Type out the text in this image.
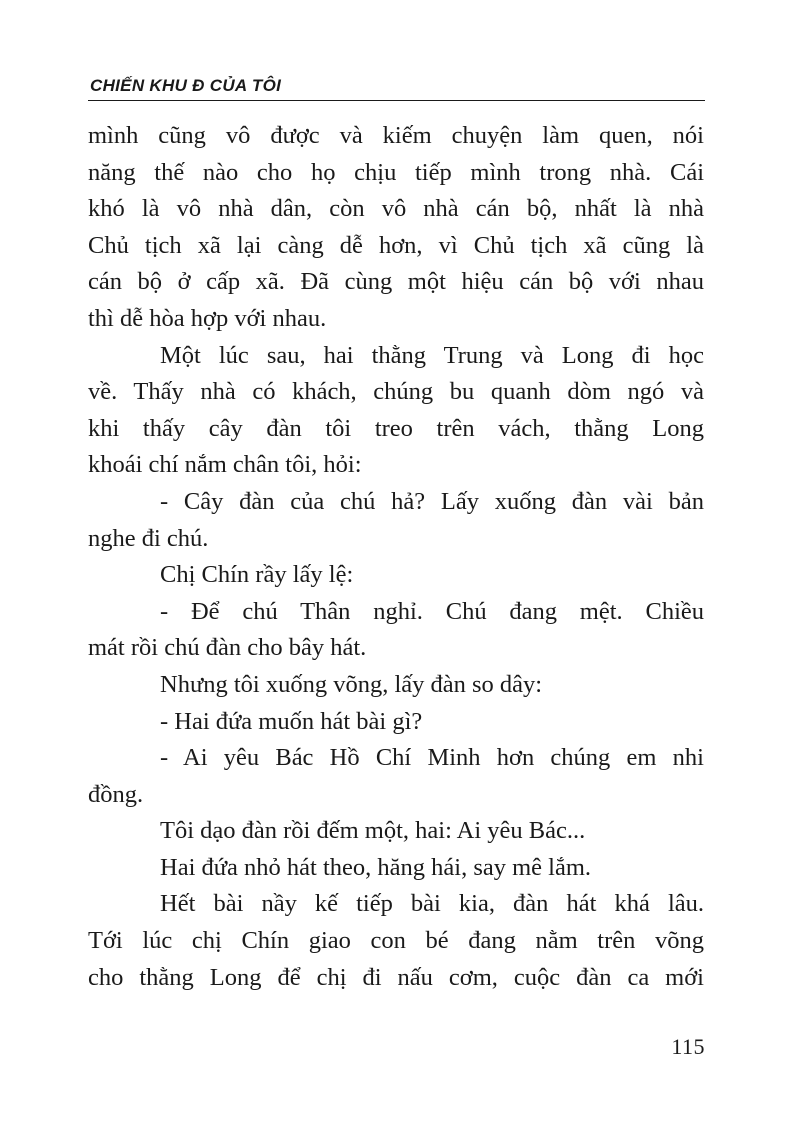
CHIẾN KHU Đ CỦA TÔI
mình cũng vô được và kiếm chuyện làm quen, nói
năng thế nào cho họ chịu tiếp mình trong nhà. Cái
khó là vô nhà dân, còn vô nhà cán bộ, nhất là nhà
Chủ tịch xã lại càng dễ hơn, vì Chủ tịch xã cũng là
cán bộ ở cấp xã. Đã cùng một hiệu cán bộ với nhau
thì dễ hòa hợp với nhau.
Một lúc sau, hai thằng Trung và Long đi học
về. Thấy nhà có khách, chúng bu quanh dòm ngó và
khi thấy cây đàn tôi treo trên vách, thằng Long
khoái chí nắm chân tôi, hỏi:
- Cây đàn của chú hả? Lấy xuống đàn vài bản
nghe đi chú.
Chị Chín rầy lấy lệ:
- Để chú Thân nghỉ. Chú đang mệt. Chiều
mát rồi chú đàn cho bây hát.
Nhưng tôi xuống võng, lấy đàn so dây:
- Hai đứa muốn hát bài gì?
- Ai yêu Bác Hồ Chí Minh hơn chúng em nhi
đồng.
Tôi dạo đàn rồi đếm một, hai: Ai yêu Bác...
Hai đứa nhỏ hát theo, hăng hái, say mê lắm.
Hết bài nầy kế tiếp bài kia, đàn hát khá lâu.
Tới lúc chị Chín giao con bé đang nằm trên võng
cho thằng Long để chị đi nấu cơm, cuộc đàn ca mới
115
